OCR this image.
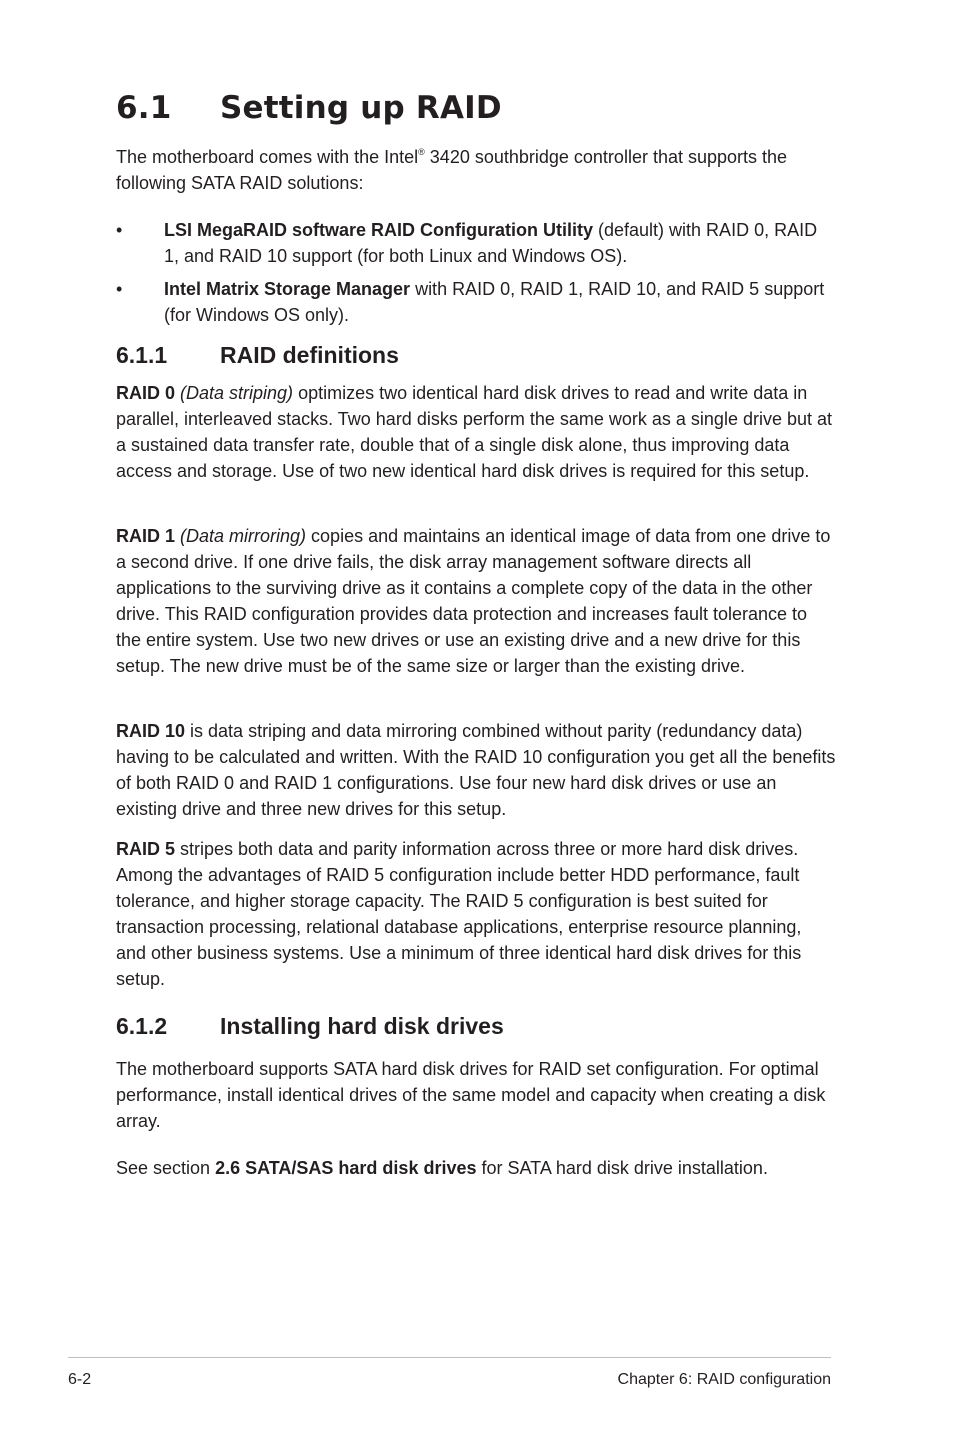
6.1 Setting up RAID

The motherboard comes with the Intel® 3420 southbridge controller that supports the following SATA RAID solutions:

•	LSI MegaRAID software RAID Configuration Utility (default) with RAID 0, RAID 1, and RAID 10 support (for both Linux and Windows OS).
•	Intel Matrix Storage Manager with RAID 0, RAID 1, RAID 10, and RAID 5 support (for Windows OS only).
6.1.1 RAID definitions

RAID 0 (Data striping) optimizes two identical hard disk drives to read and write data in parallel, interleaved stacks. Two hard disks perform the same work as a single drive but at a sustained data transfer rate, double that of a single disk alone, thus improving data access and storage. Use of two new identical hard disk drives is required for this setup.

RAID 1 (Data mirroring) copies and maintains an identical image of data from one drive to a second drive. If one drive fails, the disk array management software directs all applications to the surviving drive as it contains a complete copy of the data in the other drive. This RAID configuration provides data protection and increases fault tolerance to the entire system. Use two new drives or use an existing drive and a new drive for this setup. The new drive must be of the same size or larger than the existing drive.

RAID 10 is data striping and data mirroring combined without parity (redundancy data) having to be calculated and written. With the RAID 10 configuration you get all the benefits of both RAID 0 and RAID 1 configurations. Use four new hard disk drives or use an existing drive and three new drives for this setup.

RAID 5 stripes both data and parity information across three or more hard disk drives. Among the advantages of RAID 5 configuration include better HDD performance, fault tolerance, and higher storage capacity. The RAID 5 configuration is best suited for transaction processing, relational database applications, enterprise resource planning, and other business systems. Use a minimum of three identical hard disk drives for this setup.

6.1.2 Installing hard disk drives

The motherboard supports SATA hard disk drives for RAID set configuration. For optimal performance, install identical drives of the same model and capacity when creating a disk array.

See section 2.6 SATA/SAS hard disk drives for SATA hard disk drive installation.

6-2	Chapter 6: RAID configuration
